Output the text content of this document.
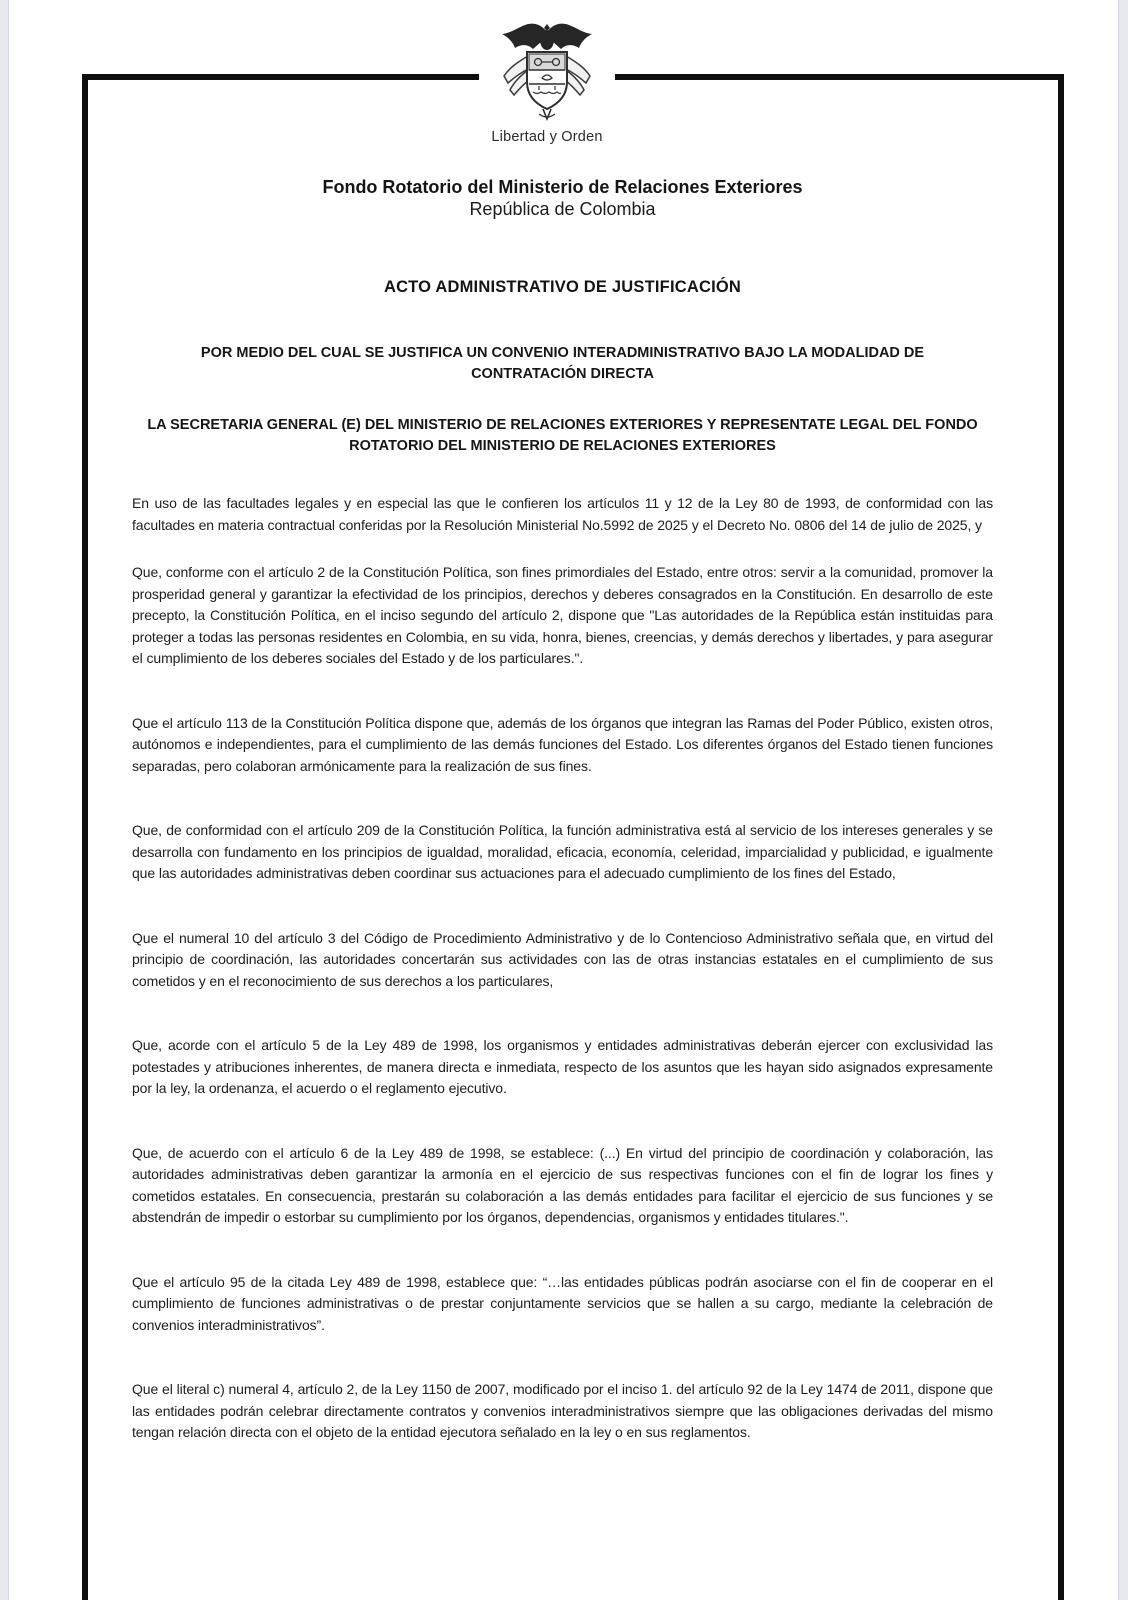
Libertad y Orden
Fondo Rotatorio del Ministerio de Relaciones Exteriores
República de Colombia
ACTO ADMINISTRATIVO DE JUSTIFICACIÓN
POR MEDIO DEL CUAL SE JUSTIFICA UN CONVENIO INTERADMINISTRATIVO BAJO LA MODALIDAD DE CONTRATACIÓN DIRECTA
LA SECRETARIA GENERAL (E) DEL MINISTERIO DE RELACIONES EXTERIORES Y REPRESENTATE LEGAL DEL FONDO ROTATORIO DEL MINISTERIO DE RELACIONES EXTERIORES

En uso de las facultades legales y en especial las que le confieren los artículos 11 y 12 de la Ley 80 de 1993, de conformidad con las facultades en materia contractual conferidas por la Resolución Ministerial No.5992 de 2025 y el Decreto No. 0806 del 14 de julio de 2025, y

Que, conforme con el artículo 2 de la Constitución Política, son fines primordiales del Estado, entre otros: servir a la comunidad, promover la prosperidad general y garantizar la efectividad de los principios, derechos y deberes consagrados en la Constitución. En desarrollo de este precepto, la Constitución Política, en el inciso segundo del artículo 2, dispone que "Las autoridades de la República están instituidas para proteger a todas las personas residentes en Colombia, en su vida, honra, bienes, creencias, y demás derechos y libertades, y para asegurar el cumplimiento de los deberes sociales del Estado y de los particulares.".

Que el artículo 113 de la Constitución Política dispone que, además de los órganos que integran las Ramas del Poder Público, existen otros, autónomos e independientes, para el cumplimiento de las demás funciones del Estado. Los diferentes órganos del Estado tienen funciones separadas, pero colaboran armónicamente para la realización de sus fines.

Que, de conformidad con el artículo 209 de la Constitución Política, la función administrativa está al servicio de los intereses generales y se desarrolla con fundamento en los principios de igualdad, moralidad, eficacia, economía, celeridad, imparcialidad y publicidad, e igualmente que las autoridades administrativas deben coordinar sus actuaciones para el adecuado cumplimiento de los fines del Estado,

Que el numeral 10 del artículo 3 del Código de Procedimiento Administrativo y de lo Contencioso Administrativo señala que, en virtud del principio de coordinación, las autoridades concertarán sus actividades con las de otras instancias estatales en el cumplimiento de sus cometidos y en el reconocimiento de sus derechos a los particulares,

Que, acorde con el artículo 5 de la Ley 489 de 1998, los organismos y entidades administrativas deberán ejercer con exclusividad las potestades y atribuciones inherentes, de manera directa e inmediata, respecto de los asuntos que les hayan sido asignados expresamente por la ley, la ordenanza, el acuerdo o el reglamento ejecutivo.

Que, de acuerdo con el artículo 6 de la Ley 489 de 1998, se establece: (...) En virtud del principio de coordinación y colaboración, las autoridades administrativas deben garantizar la armonía en el ejercicio de sus respectivas funciones con el fin de lograr los fines y cometidos estatales. En consecuencia, prestarán su colaboración a las demás entidades para facilitar el ejercicio de sus funciones y se abstendrán de impedir o estorbar su cumplimiento por los órganos, dependencias, organismos y entidades titulares.".

Que el artículo 95 de la citada Ley 489 de 1998, establece que: “…las entidades públicas podrán asociarse con el fin de cooperar en el cumplimiento de funciones administrativas o de prestar conjuntamente servicios que se hallen a su cargo, mediante la celebración de convenios interadministrativos”.

Que el literal c) numeral 4, artículo 2, de la Ley 1150 de 2007, modificado por el inciso 1. del artículo 92 de la Ley 1474 de 2011, dispone que las entidades podrán celebrar directamente contratos y convenios interadministrativos siempre que las obligaciones derivadas del mismo tengan relación directa con el objeto de la entidad ejecutora señalado en la ley o en sus reglamentos.
